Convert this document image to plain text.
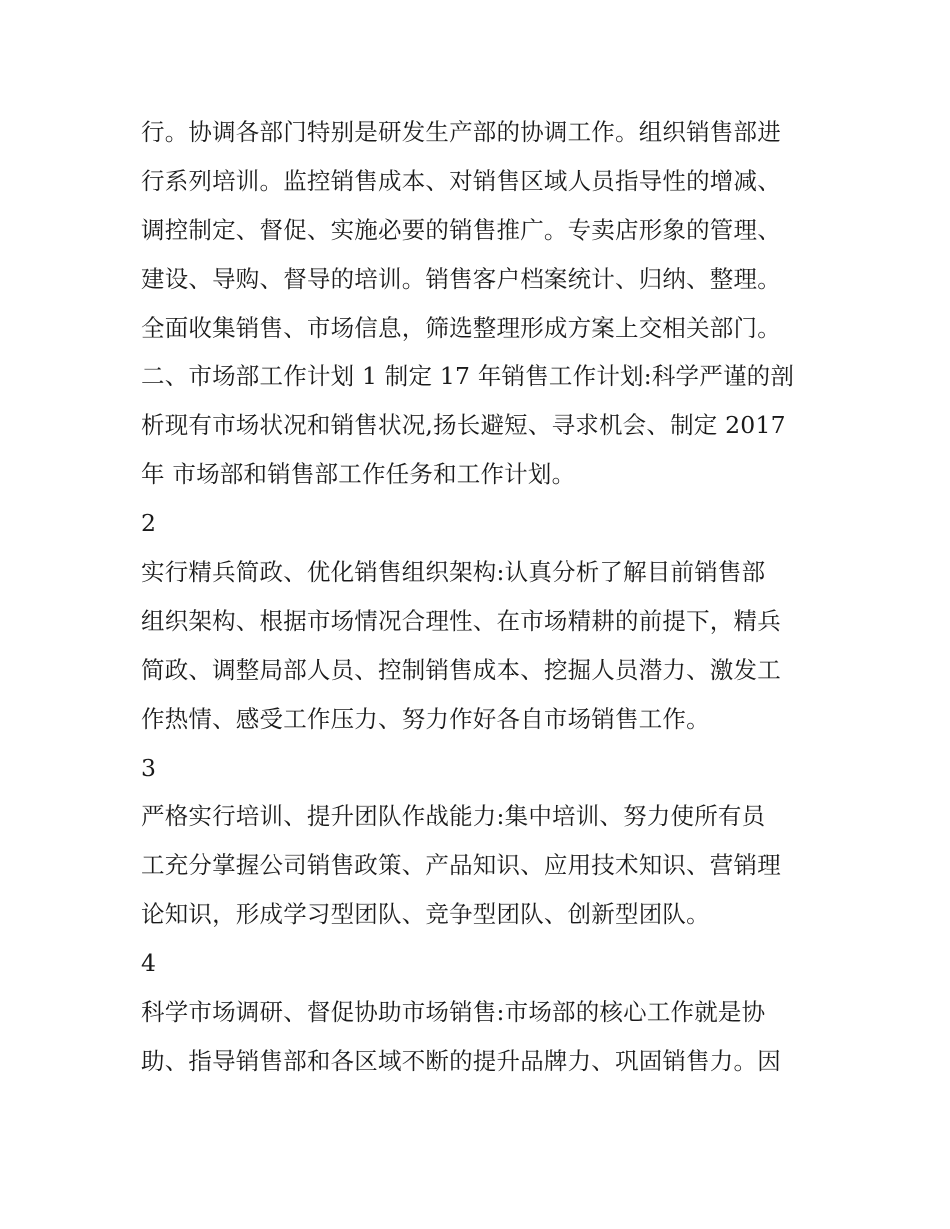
行。协调各部门特别是研发生产部的协调工作。组织销售部进
行系列培训。监控销售成本、对销售区域人员指导性的增减、
调控制定、督促、实施必要的销售推广。专卖店形象的管理、
建设、导购、督导的培训。销售客户档案统计、归纳、整理。
全面收集销售、市场信息，筛选整理形成方案上交相关部门。
二、市场部工作计划 1 制定 17 年销售工作计划:科学严谨的剖
析现有市场状况和销售状况,扬长避短、寻求机会、制定 2017
年 市场部和销售部工作任务和工作计划。
2
实行精兵简政、优化销售组织架构:认真分析了解目前销售部
组织架构、根据市场情况合理性、在市场精耕的前提下，精兵
简政、调整局部人员、控制销售成本、挖掘人员潜力、激发工
作热情、感受工作压力、努力作好各自市场销售工作。
3
严格实行培训、提升团队作战能力:集中培训、努力使所有员
工充分掌握公司销售政策、产品知识、应用技术知识、营销理
论知识，形成学习型团队、竞争型团队、创新型团队。
4
科学市场调研、督促协助市场销售:市场部的核心工作就是协
助、指导销售部和各区域不断的提升品牌力、巩固销售力。因
